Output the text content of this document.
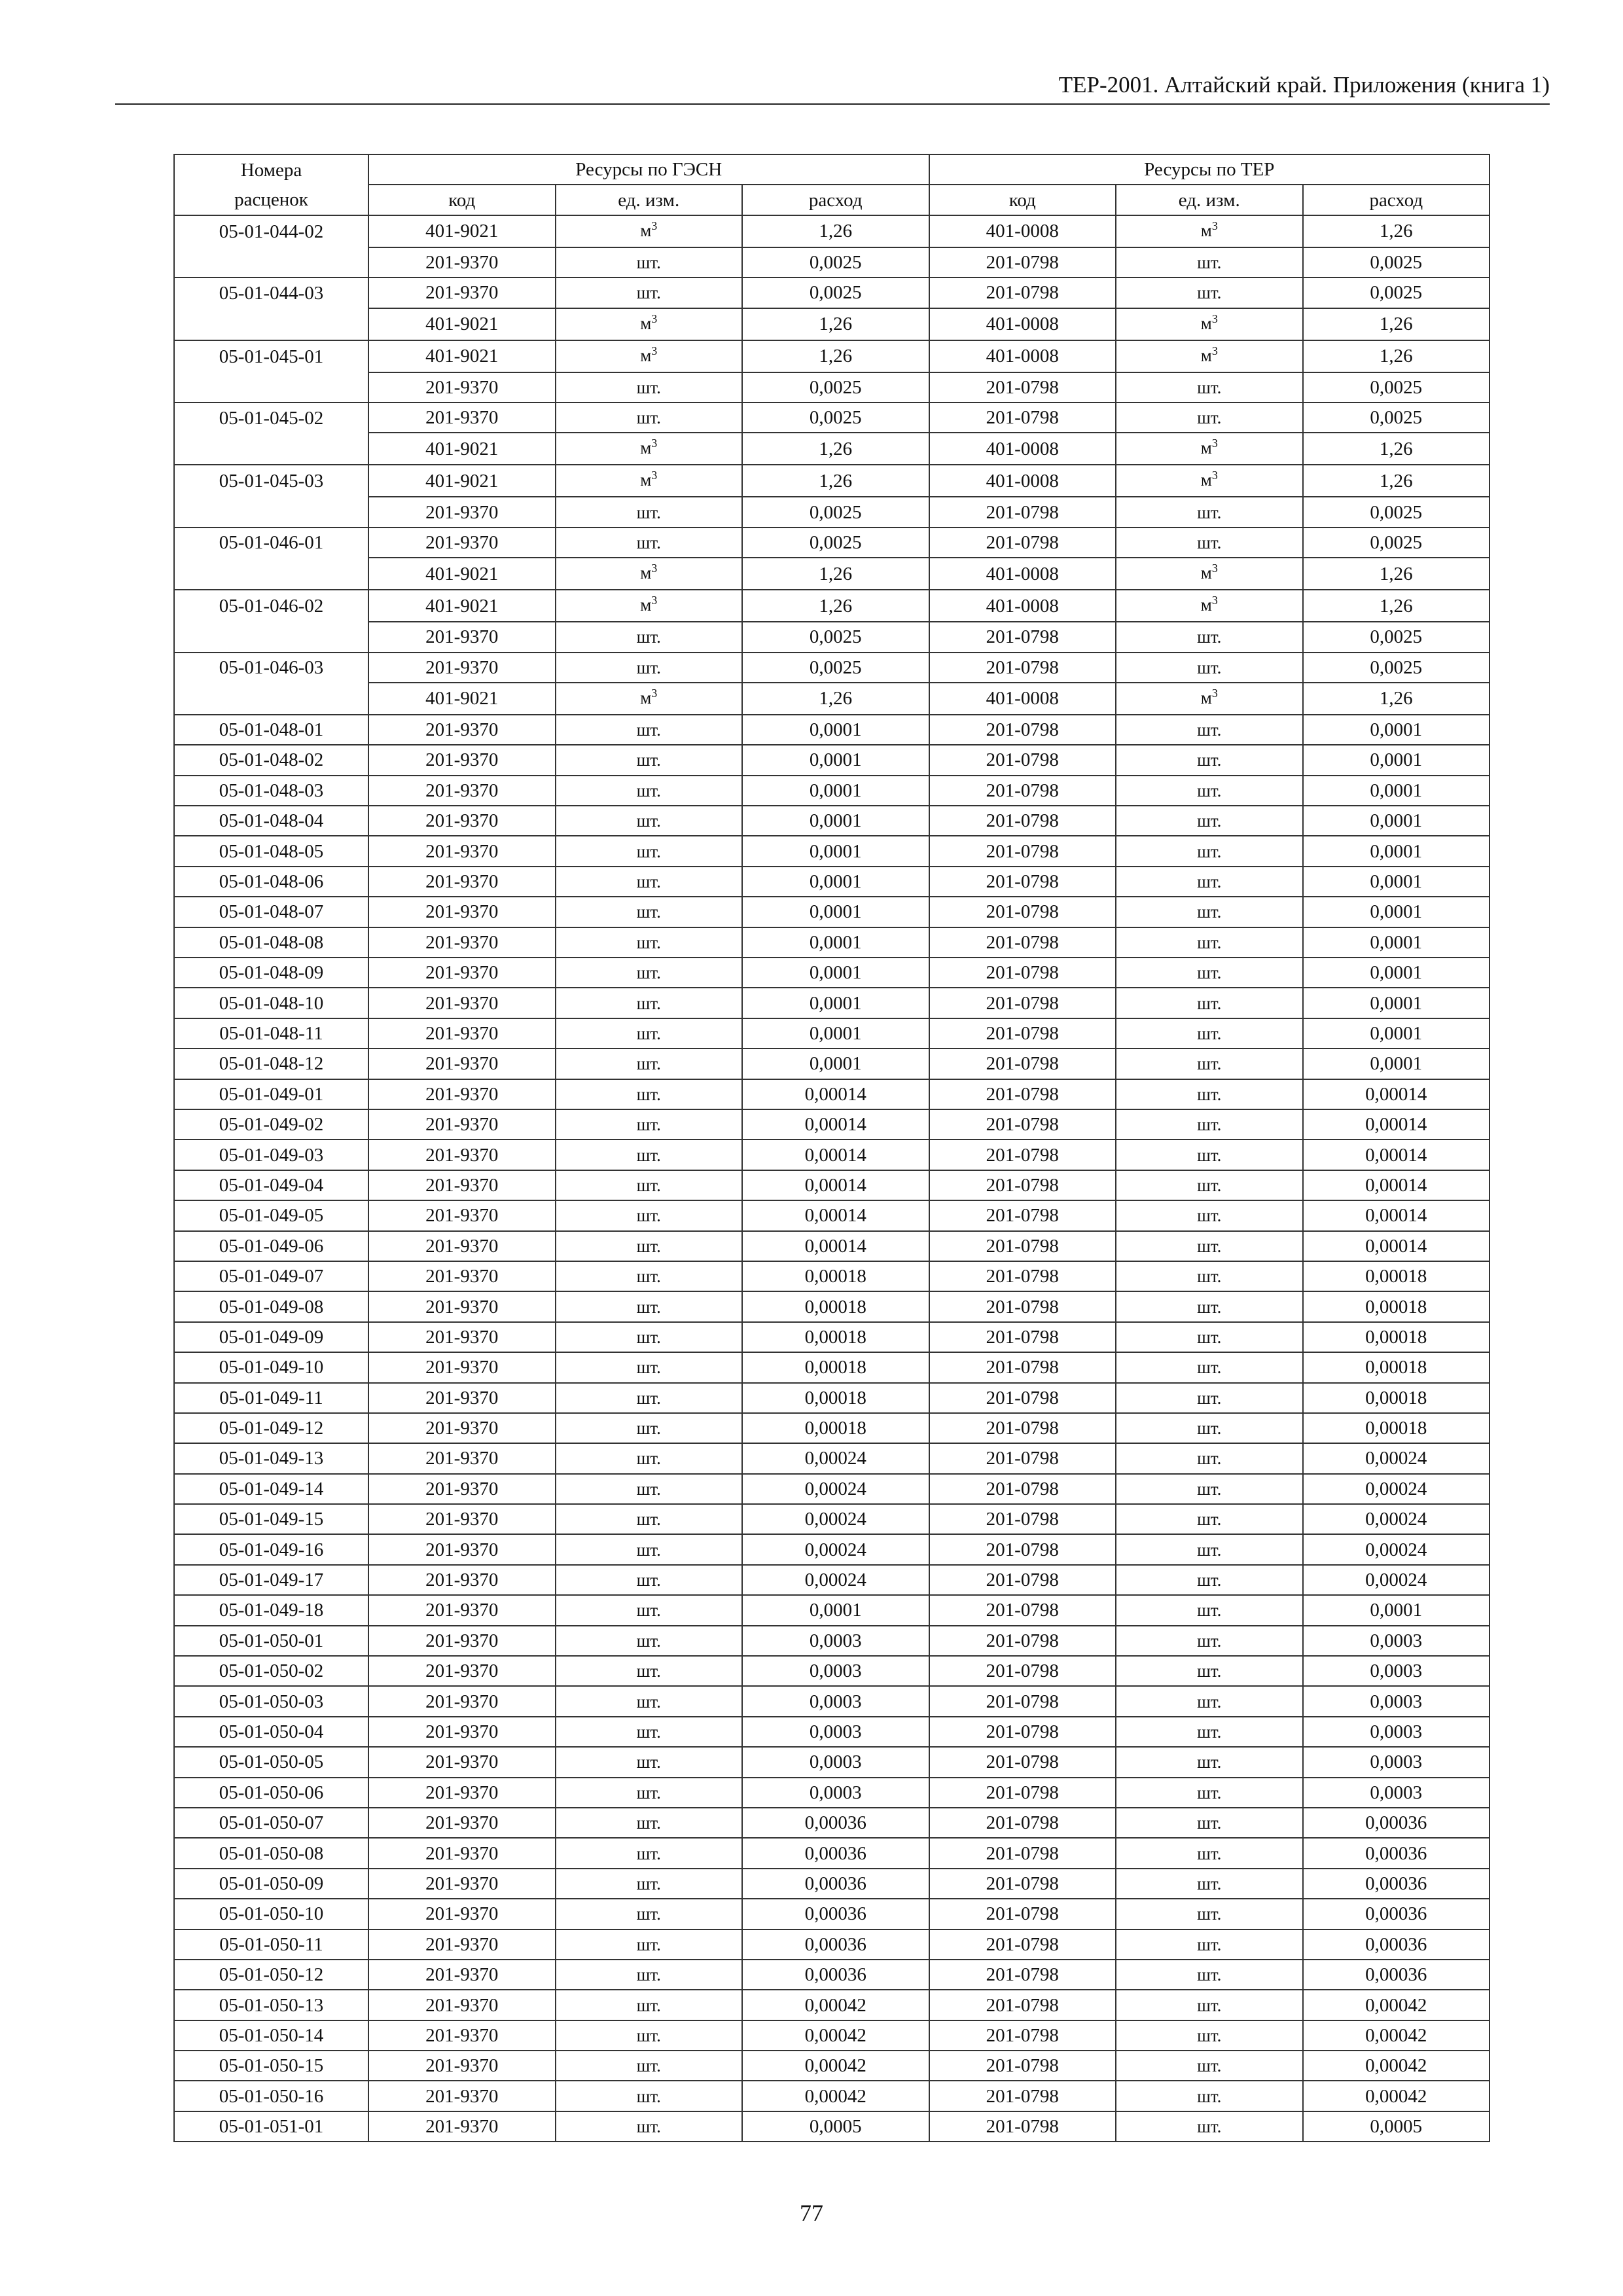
ТЕР-2001. Алтайский край. Приложения (книга 1)
Номера	Ресурсы по ГЭСН			Ресурсы по ТЕР		
расценок	код	ед. изм.	расход	код	ед. изм.	расход
05-01-044-02	401-9021	$м^3$	1,26	401-0008	$м^3$	1,26
	201-9370	шт.	0,0025	201-0798	шт.	0,0025
05-01-044-03	201-9370	шт.	0,0025	201-0798	шт.	0,0025
	401-9021	$м^3$	1,26	401-0008	$м^3$	1,26
05-01-045-01	401-9021	$м^3$	1,26	401-0008	$м^3$	1,26
	201-9370	шт.	0,0025	201-0798	шт.	0,0025
05-01-045-02	201-9370	шт.	0,0025	201-0798	шт.	0,0025
	401-9021	$м^3$	1,26	401-0008	$м^3$	1,26
05-01-045-03	401-9021	$м^3$	1,26	401-0008	$м^3$	1,26
	201-9370	шт.	0,0025	201-0798	шт.	0,0025
05-01-046-01	201-9370	шт.	0,0025	201-0798	шт.	0,0025
	401-9021	$м^3$	1,26	401-0008	$м^3$	1,26
05-01-046-02	401-9021	$м^3$	1,26	401-0008	$м^3$	1,26
	201-9370	шт.	0,0025	201-0798	шт.	0,0025
05-01-046-03	201-9370	шт.	0,0025	201-0798	шт.	0,0025
	401-9021	$м^3$	1,26	401-0008	$м^3$	1,26
05-01-048-01	201-9370	шт.	0,0001	201-0798	шт.	0,0001
05-01-048-02	201-9370	шт.	0,0001	201-0798	шт.	0,0001
05-01-048-03	201-9370	шт.	0,0001	201-0798	шт.	0,0001
05-01-048-04	201-9370	шт.	0,0001	201-0798	шт.	0,0001
05-01-048-05	201-9370	шт.	0,0001	201-0798	шт.	0,0001
05-01-048-06	201-9370	шт.	0,0001	201-0798	шт.	0,0001
05-01-048-07	201-9370	шт.	0,0001	201-0798	шт.	0,0001
05-01-048-08	201-9370	шт.	0,0001	201-0798	шт.	0,0001
05-01-048-09	201-9370	шт.	0,0001	201-0798	шт.	0,0001
05-01-048-10	201-9370	шт.	0,0001	201-0798	шт.	0,0001
05-01-048-11	201-9370	шт.	0,0001	201-0798	шт.	0,0001
05-01-048-12	201-9370	шт.	0,0001	201-0798	шт.	0,0001
05-01-049-01	201-9370	шт.	0,00014	201-0798	шт.	0,00014
05-01-049-02	201-9370	шт.	0,00014	201-0798	шт.	0,00014
05-01-049-03	201-9370	шт.	0,00014	201-0798	шт.	0,00014
05-01-049-04	201-9370	шт.	0,00014	201-0798	шт.	0,00014
05-01-049-05	201-9370	шт.	0,00014	201-0798	шт.	0,00014
05-01-049-06	201-9370	шт.	0,00014	201-0798	шт.	0,00014
05-01-049-07	201-9370	шт.	0,00018	201-0798	шт.	0,00018
05-01-049-08	201-9370	шт.	0,00018	201-0798	шт.	0,00018
05-01-049-09	201-9370	шт.	0,00018	201-0798	шт.	0,00018
05-01-049-10	201-9370	шт.	0,00018	201-0798	шт.	0,00018
05-01-049-11	201-9370	шт.	0,00018	201-0798	шт.	0,00018
05-01-049-12	201-9370	шт.	0,00018	201-0798	шт.	0,00018
05-01-049-13	201-9370	шт.	0,00024	201-0798	шт.	0,00024
05-01-049-14	201-9370	шт.	0,00024	201-0798	шт.	0,00024
05-01-049-15	201-9370	шт.	0,00024	201-0798	шт.	0,00024
05-01-049-16	201-9370	шт.	0,00024	201-0798	шт.	0,00024
05-01-049-17	201-9370	шт.	0,00024	201-0798	шт.	0,00024
05-01-049-18	201-9370	шт.	0,0001	201-0798	шт.	0,0001
05-01-050-01	201-9370	шт.	0,0003	201-0798	шт.	0,0003
05-01-050-02	201-9370	шт.	0,0003	201-0798	шт.	0,0003
05-01-050-03	201-9370	шт.	0,0003	201-0798	шт.	0,0003
05-01-050-04	201-9370	шт.	0,0003	201-0798	шт.	0,0003
05-01-050-05	201-9370	шт.	0,0003	201-0798	шт.	0,0003
05-01-050-06	201-9370	шт.	0,0003	201-0798	шт.	0,0003
05-01-050-07	201-9370	шт.	0,00036	201-0798	шт.	0,00036
05-01-050-08	201-9370	шт.	0,00036	201-0798	шт.	0,00036
05-01-050-09	201-9370	шт.	0,00036	201-0798	шт.	0,00036
05-01-050-10	201-9370	шт.	0,00036	201-0798	шт.	0,00036
05-01-050-11	201-9370	шт.	0,00036	201-0798	шт.	0,00036
05-01-050-12	201-9370	шт.	0,00036	201-0798	шт.	0,00036
05-01-050-13	201-9370	шт.	0,00042	201-0798	шт.	0,00042
05-01-050-14	201-9370	шт.	0,00042	201-0798	шт.	0,00042
05-01-050-15	201-9370	шт.	0,00042	201-0798	шт.	0,00042
05-01-050-16	201-9370	шт.	0,00042	201-0798	шт.	0,00042
05-01-051-01	201-9370	шт.	0,0005	201-0798	шт.	0,0005
77
